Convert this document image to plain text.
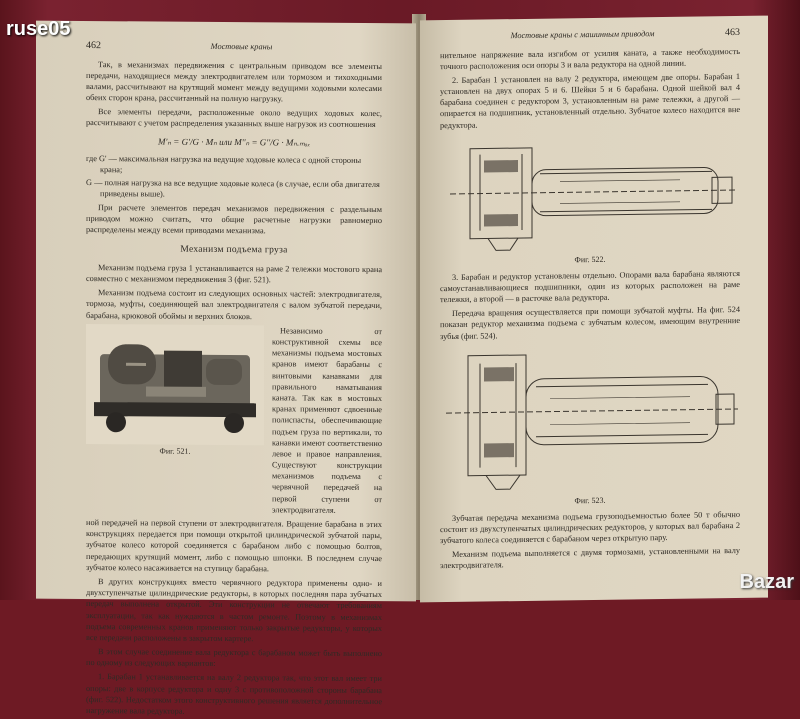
462	Мостовые краны

Так, в механизмах передвижения с центральным приводом все элементы передачи, находящиеся между электродвигателем или тормозом и тихоходными валами, рассчитывают на крутящий момент между ведущими ходовыми колесами обеих сторон крана, рассчитанный на полную нагрузку.

Все элементы передачи, расположенные около ведущих ходовых колес, рассчитывают с учетом распределения указанных выше нагрузок из соотношения

M'ₙ = G'/G · Mₙ или M''ₙ = G''/G · Mₙ.ₘₐₓ
где G' — максимальная нагрузка на ведущие ходовые колеса с одной стороны крана;
G — полная нагрузка на все ведущие ходовые колеса (в случае, если оба двигателя приведены выше).

При расчете элементов передач механизмов передвижения с раздельным приводом можно считать, что общие расчетные нагрузки равномерно распределены между всеми приводами механизма.

Механизм подъема груза

Механизм подъема груза 1 устанавливается на раме 2 тележки мостового крана совместно с механизмом передвижения 3 (фиг. 521).

Механизм подъема состоит из следующих основных частей: электродвигателя, тормоза, муфты, соединяющей вал электродвигателя с валом зубчатой передачи, барабана, крюковой обоймы и верхних блоков.

Фиг. 521.

Независимо от конструктивной схемы все механизмы подъема мостовых кранов имеют барабаны с винтовыми канавками для правильного наматывания каната. Так как в мостовых кранах применяют сдвоенные полиспасты, обеспечивающие подъем груза по вертикали, то канавки имеют соответственно левое и правое направления. Существуют конструкции механизмов подъема с червячной передачей на первой ступени от электродвигателя.

ной передачей на первой ступени от электродвигателя. Вращение барабана в этих конструкциях передается при помощи открытой цилиндрической зубчатой пары, зубчатое колесо которой соединяется с барабаном либо с помощью болтов, передающих крутящий момент, либо с помощью шпонки. В последнем случае зубчатое колесо насаживается на ступицу барабана.

В других конструкциях вместо червячного редуктора применены одно- и двухступенчатые цилиндрические редукторы, в которых последняя пара зубчатых передач выполнена открытой. Эти конструкции не отвечают требованиям эксплуатации, так как нуждаются в частом ремонте. Поэтому в механизмах подъема современных кранов применяют только закрытые редукторы, у которых все передачи расположены в закрытом картере.

В этом случае соединение вала редуктора с барабаном может быть выполнено по одному из следующих вариантов:

1. Барабан 1 устанавливается на валу 2 редуктора так, что этот вал имеет три опоры: две в корпусе редуктора и одну 3 с противоположной стороны барабана (фиг. 522). Недостатком этого конструктивного решения является дополнительное нагружение вала редуктора.

Мостовые краны с машинным приводом	463

нительное напряжение вала изгибом от усилия каната, а также необходимость точного расположения оси опоры 3 и вала редуктора на одной линии.

2. Барабан 1 установлен на валу 2 редуктора, имеющем две опоры. Барабан 1 установлен на двух опорах 5 и 6. Шейки 5 и 6 барабана. Одной шейкой вал 4 барабана соединен с редуктором 3, установленным на раме тележки, а другой — опирается на подшипник, установленный отдельно. Зубчатое колесо находится вне редуктора.

Фиг. 522.

3. Барабан и редуктор установлены отдельно. Опорами вала барабана являются самоустанавливающиеся подшипники, один из которых расположен на раме тележки, а второй — в расточке вала редуктора.

Передача вращения осуществляется при помощи зубчатой муфты. На фиг. 524 показан редуктор механизма подъема с зубчатым колесом, имеющим внутренние зубья (фиг. 524).

Фиг. 523.

Зубчатая передача механизма подъема грузоподъемностью более 50 т обычно состоит из двухступенчатых цилиндрических редукторов, у которых вал барабана 2 зубчатого колеса соединяется с барабаном через открытую пару.

Механизм подъема выполняется с двумя тормозами, установленными на валу электродвигателя.

ruse05
Bazar
